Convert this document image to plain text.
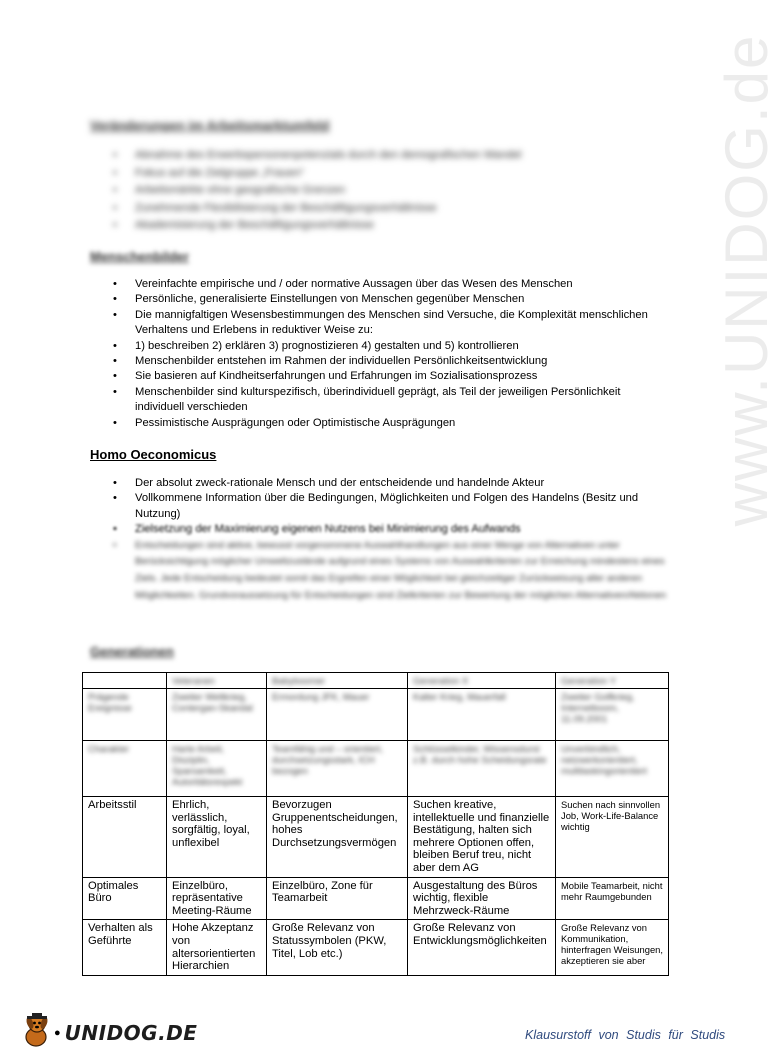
www.UNIDOG.de
Veränderungen im Arbeitsmarktumfeld
• Abnahme des Erwerbspersonenpotenzials durch den demografischen Wandel
• Fokus auf die Zielgruppe „Frauen“
• Arbeitsmärkte ohne geografische Grenzen
• Zunehmende Flexibilisierung der Beschäftigungsverhältnisse
• Akademisierung der Beschäftigungsverhältnisse
Menschenbilder
• Vereinfachte empirische und / oder normative Aussagen über das Wesen des Menschen
• Persönliche, generalisierte Einstellungen von Menschen gegenüber Menschen
• Die mannigfaltigen Wesensbestimmungen des Menschen sind Versuche, die Komplexität menschlichen Verhaltens und Erlebens in reduktiver Weise zu:
• 1) beschreiben 2) erklären 3) prognostizieren 4) gestalten und 5) kontrollieren
• Menschenbilder entstehen im Rahmen der individuellen Persönlichkeitsentwicklung
• Sie basieren auf Kindheitserfahrungen und Erfahrungen im Sozialisationsprozess
• Menschenbilder sind kulturspezifisch, überindividuell geprägt, als Teil der jeweiligen Persönlichkeit individuell verschieden
• Pessimistische Ausprägungen oder Optimistische Ausprägungen
Homo Oeconomicus
• Der absolut zweck-rationale Mensch und der entscheidende und handelnde Akteur
• Vollkommene Information über die Bedingungen, Möglichkeiten und Folgen des Handelns (Besitz und Nutzung)
• Zielsetzung der Maximierung eigenen Nutzens bei Minimierung des Aufwands
• Entscheidungen sind aktive, bewusst vorgenommene Auswahlhandlungen aus einer Menge von Alternativen unter Berücksichtigung möglicher Umweltzustände aufgrund eines Systems von Auswahlkriterien zur Erreichung mindestens eines Ziels. Jede Entscheidung bedeutet somit das Ergreifen einer Möglichkeit bei gleichzeitiger Zurückweisung aller anderen Möglichkeiten. Grundvoraussetzung für Entscheidungen sind Zielkriterien zur Bewertung der möglichen Alternativen/Aktionen
Generationen

	Veteranen	Babyboomer	Generation X	Generation Y

Prägende Ereignisse	Zweiter Weltkrieg, Contergan-Skandal	Ermordung JFK, Mauer	Kalter Krieg, Mauerfall	Zweiter Golfkrieg, Internetboom, 11.09.2001

Charakter	Harte Arbeit, Disziplin, Sparsamkeit, Autoritätsrespekt	Teamfähig und – orientiert, durchsetzungsstark, ICH bezogen	Schlüsselkinder, Wissensdurst z.B. durch hohe Scheidungsrate	Unverbindlich, netzwerkorientiert, multitaskingorientiert

Arbeitsstil	Ehrlich, verlässlich, sorgfältig, loyal, unflexibel	Bevorzugen Gruppenentscheidungen, hohes Durchsetzungsvermögen	Suchen kreative, intellektuelle und finanzielle Bestätigung, halten sich mehrere Optionen offen, bleiben Beruf treu, nicht aber dem AG	Suchen nach sinnvollen Job, Work-Life-Balance wichtig
Optimales Büro	Einzelbüro, repräsentative Meeting-Räume	Einzelbüro, Zone für Teamarbeit	Ausgestaltung des Büros wichtig, flexible Mehrzweck-Räume	Mobile Teamarbeit, nicht mehr Raumgebunden
Verhalten als Geführte	Hohe Akzeptanz von altersorientierten Hierarchien	Große Relevanz von Statussymbolen (PKW, Titel, Lob etc.)	Große Relevanz von Entwicklungsmöglichkeiten	Große Relevanz von Kommunikation, hinterfragen Weisungen, akzeptieren sie aber
● UNIDOG.DE	Klausurstoff von Studis für Studis
